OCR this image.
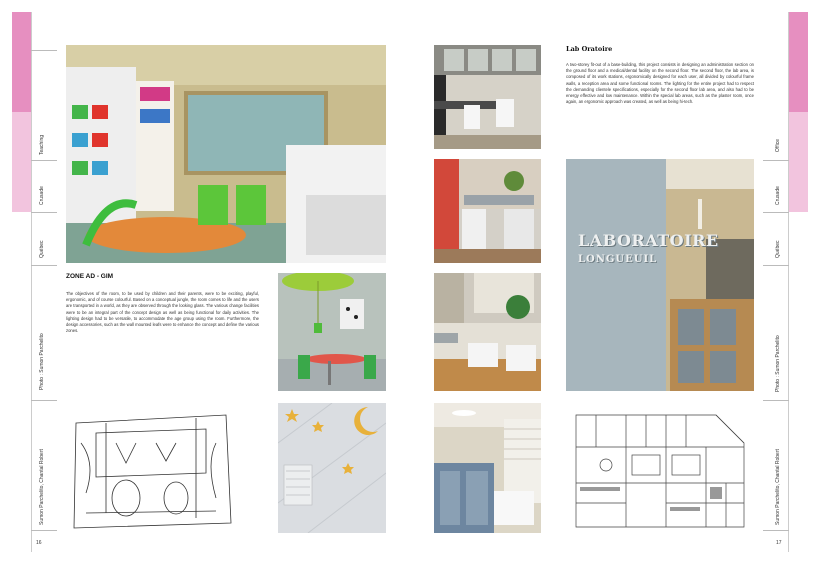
Teaching
Crusade
Québec
Photo : Sumon Parchelito
Sumon Parchelito, Chantal Robert
16
ZONE AD - GIM
The objectives of the room, to be used by children and their parents, were to be exciting, playful, ergonomic, and of course colourful. Based on a conceptual jungle, the room comes to life and the users are transported in a world, as they are observed through the looking glass. The various change facilities were to be an integral part of the concept design as well as being functional for daily activities. The lighting design had to be versatile, to accommodate the age group using the room. Furthermore, the design accessories, such as the wall mounted leafs were to enhance the concept and define the various zones.
LABORATOIRE
LONGUEUIL
Lab Oratoire
A two-storey fit-out of a base-building, this project consists in designing an administration section on the ground floor and a medical/dental facility on the second floor. The second floor, the lab area, is composed of its work stations, ergonomically designed for each user, all divided by colourful frame walls, a reception area and some functional rooms. The lighting for the entire project had to respect the demanding clientele specifications, especially for the second floor lab area, and also had to be energy effective and low maintenance. Within the special lab areas, such as the plaster room, once again, an ergonomic approach was created, as well as being hi-tech.
Office
Crusade
Québec
Photo : Sumon Parchelito
Sumon Parchelito, Chantal Robert
17
